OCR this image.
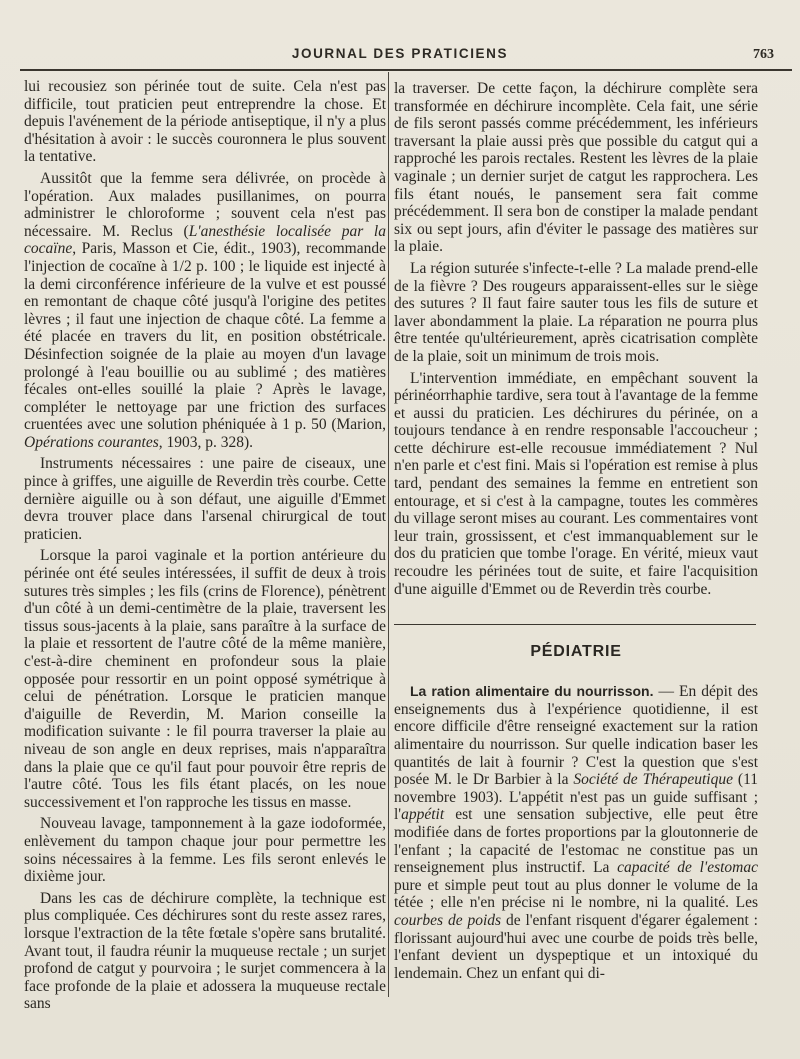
JOURNAL DES PRATICIENS	763

lui recousiez son périnée tout de suite. Cela n'est pas difficile, tout praticien peut entreprendre la chose. Et depuis l'avénement de la période antiseptique, il n'y a plus d'hésitation à avoir : le succès couronnera le plus souvent la tentative.

Aussitôt que la femme sera délivrée, on procède à l'opération. Aux malades pusillanimes, on pourra administrer le chloroforme ; souvent cela n'est pas nécessaire. M. Reclus (L'anesthésie localisée par la cocaïne, Paris, Masson et Cie, édit., 1903), recommande l'injection de cocaïne à 1/2 p. 100 ; le liquide est injecté à la demi circonférence inférieure de la vulve et est poussé en remontant de chaque côté jusqu'à l'origine des petites lèvres ; il faut une injection de chaque côté. La femme a été placée en travers du lit, en position obstétricale. Désinfection soignée de la plaie au moyen d'un lavage prolongé à l'eau bouillie ou au sublimé ; des matières fécales ont-elles souillé la plaie ? Après le lavage, compléter le nettoyage par une friction des surfaces cruentées avec une solution phéniquée à 1 p. 50 (Marion, Opérations courantes, 1903, p. 328).

Instruments nécessaires : une paire de ciseaux, une pince à griffes, une aiguille de Reverdin très courbe. Cette dernière aiguille ou à son défaut, une aiguille d'Emmet devra trouver place dans l'arsenal chirurgical de tout praticien.

Lorsque la paroi vaginale et la portion antérieure du périnée ont été seules intéressées, il suffit de deux à trois sutures très simples ; les fils (crins de Florence), pénètrent d'un côté à un demi-centimètre de la plaie, traversent les tissus sous-jacents à la plaie, sans paraître à la surface de la plaie et ressortent de l'autre côté de la même manière, c'est-à-dire cheminent en profondeur sous la plaie opposée pour ressortir en un point opposé symétrique à celui de pénétration. Lorsque le praticien manque d'aiguille de Reverdin, M. Marion conseille la modification suivante : le fil pourra traverser la plaie au niveau de son angle en deux reprises, mais n'apparaîtra dans la plaie que ce qu'il faut pour pouvoir être repris de l'autre côté. Tous les fils étant placés, on les noue successivement et l'on rapproche les tissus en masse.

Nouveau lavage, tamponnement à la gaze iodoformée, enlèvement du tampon chaque jour pour permettre les soins nécessaires à la femme. Les fils seront enlevés le dixième jour.

Dans les cas de déchirure complète, la technique est plus compliquée. Ces déchirures sont du reste assez rares, lorsque l'extraction de la tête fœtale s'opère sans brutalité. Avant tout, il faudra réunir la muqueuse rectale ; un surjet profond de catgut y pourvoira ; le surjet commencera à la face profonde de la plaie et adossera la muqueuse rectale sans

la traverser. De cette façon, la déchirure complète sera transformée en déchirure incomplète. Cela fait, une série de fils seront passés comme précédemment, les inférieurs traversant la plaie aussi près que possible du catgut qui a rapproché les parois rectales. Restent les lèvres de la plaie vaginale ; un dernier surjet de catgut les rapprochera. Les fils étant noués, le pansement sera fait comme précédemment. Il sera bon de constiper la malade pendant six ou sept jours, afin d'éviter le passage des matières sur la plaie.

La région suturée s'infecte-t-elle ? La malade prend-elle de la fièvre ? Des rougeurs apparaissent-elles sur le siège des sutures ? Il faut faire sauter tous les fils de suture et laver abondamment la plaie. La réparation ne pourra plus être tentée qu'ultérieurement, après cicatrisation complète de la plaie, soit un minimum de trois mois.

L'intervention immédiate, en empêchant souvent la périnéorrhaphie tardive, sera tout à l'avantage de la femme et aussi du praticien. Les déchirures du périnée, on a toujours tendance à en rendre responsable l'accoucheur ; cette déchirure est-elle recousue immédiatement ? Nul n'en parle et c'est fini. Mais si l'opération est remise à plus tard, pendant des semaines la femme en entretient son entourage, et si c'est à la campagne, toutes les commères du village seront mises au courant. Les commentaires vont leur train, grossissent, et c'est immanquablement sur le dos du praticien que tombe l'orage. En vérité, mieux vaut recoudre les périnées tout de suite, et faire l'acquisition d'une aiguille d'Emmet ou de Reverdin très courbe.

PÉDIATRIE

La ration alimentaire du nourrisson. — En dépit des enseignements dus à l'expérience quotidienne, il est encore difficile d'être renseigné exactement sur la ration alimentaire du nourrisson. Sur quelle indication baser les quantités de lait à fournir ? C'est la question que s'est posée M. le Dr Barbier à la Société de Thérapeutique (11 novembre 1903). L'appétit n'est pas un guide suffisant ; l'appétit est une sensation subjective, elle peut être modifiée dans de fortes proportions par la gloutonnerie de l'enfant ; la capacité de l'estomac ne constitue pas un renseignement plus instructif. La capacité de l'estomac pure et simple peut tout au plus donner le volume de la tétée ; elle n'en précise ni le nombre, ni la qualité. Les courbes de poids de l'enfant risquent d'égarer également : florissant aujourd'hui avec une courbe de poids très belle, l'enfant devient un dyspeptique et un intoxiqué du lendemain. Chez un enfant qui di-
